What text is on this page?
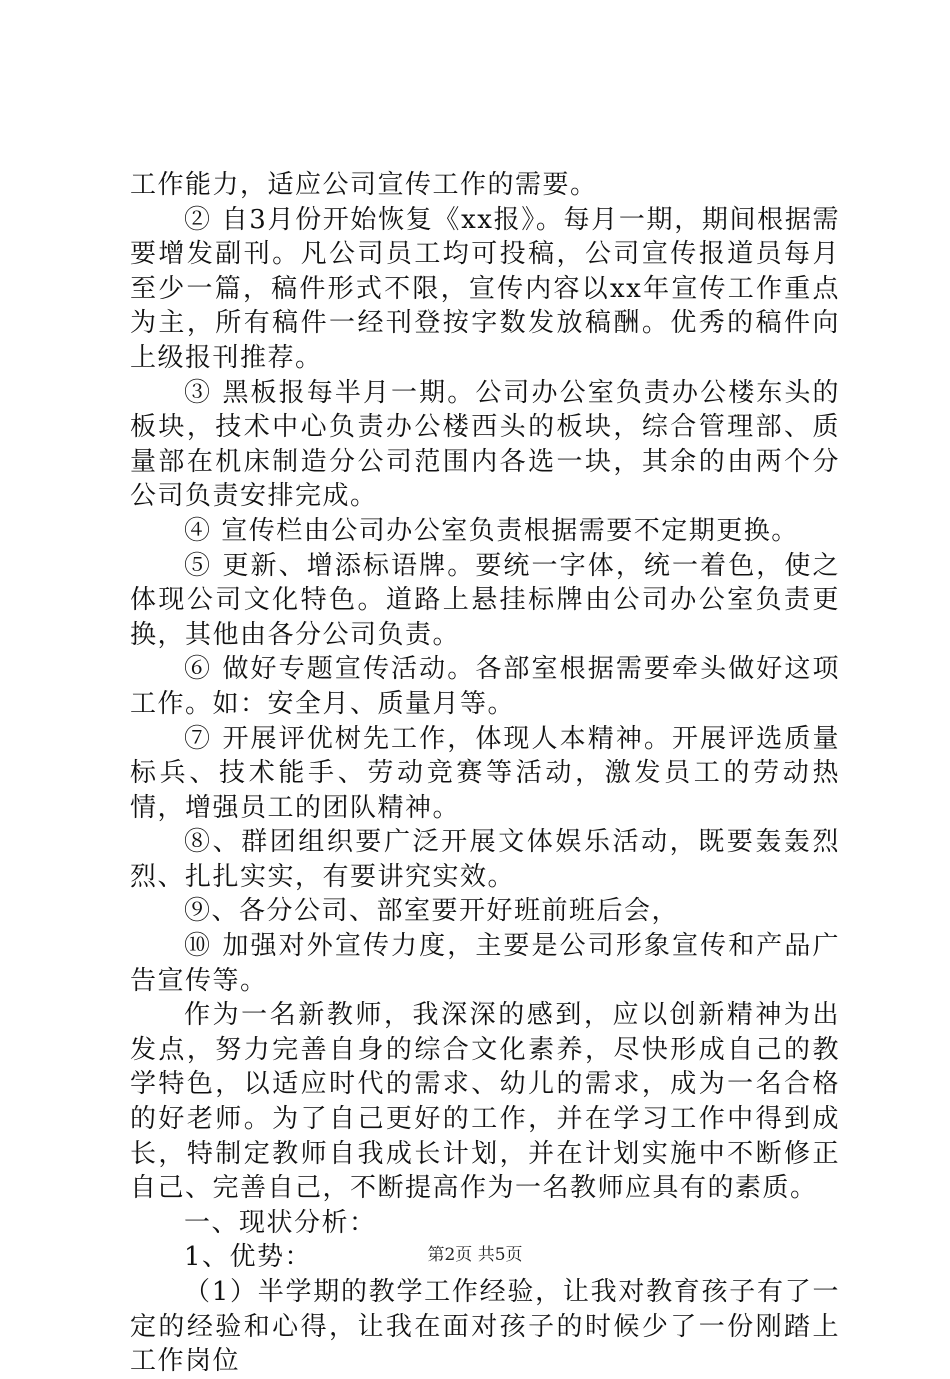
工作能力，适应公司宣传工作的需要。

② 自3月份开始恢复《xx报》。每月一期，期间根据需要增发副刊。凡公司员工均可投稿，公司宣传报道员每月至少一篇，稿件形式不限，宣传内容以xx年宣传工作重点为主，所有稿件一经刊登按字数发放稿酬。优秀的稿件向上级报刊推荐。

③ 黑板报每半月一期。公司办公室负责办公楼东头的板块，技术中心负责办公楼西头的板块，综合管理部、质量部在机床制造分公司范围内各选一块，其余的由两个分公司负责安排完成。

④ 宣传栏由公司办公室负责根据需要不定期更换。

⑤ 更新、增添标语牌。要统一字体，统一着色，使之体现公司文化特色。道路上悬挂标牌由公司办公室负责更换，其他由各分公司负责。

⑥ 做好专题宣传活动。各部室根据需要牵头做好这项工作。如：安全月、质量月等。

⑦ 开展评优树先工作，体现人本精神。开展评选质量标兵、技术能手、劳动竞赛等活动，激发员工的劳动热情，增强员工的团队精神。

⑧、群团组织要广泛开展文体娱乐活动，既要轰轰烈烈、扎扎实实，有要讲究实效。

⑨、各分公司、部室要开好班前班后会，

⑩ 加强对外宣传力度，主要是公司形象宣传和产品广告宣传等。

作为一名新教师，我深深的感到，应以创新精神为出发点，努力完善自身的综合文化素养，尽快形成自己的教学特色，以适应时代的需求、幼儿的需求，成为一名合格的好老师。为了自己更好的工作，并在学习工作中得到成长，特制定教师自我成长计划，并在计划实施中不断修正自己、完善自己，不断提高作为一名教师应具有的素质。

一、现状分析：

1、优势：

（1）半学期的教学工作经验，让我对教育孩子有了一定的经验和心得，让我在面对孩子的时候少了一份刚踏上工作岗位

第2页 共5页
